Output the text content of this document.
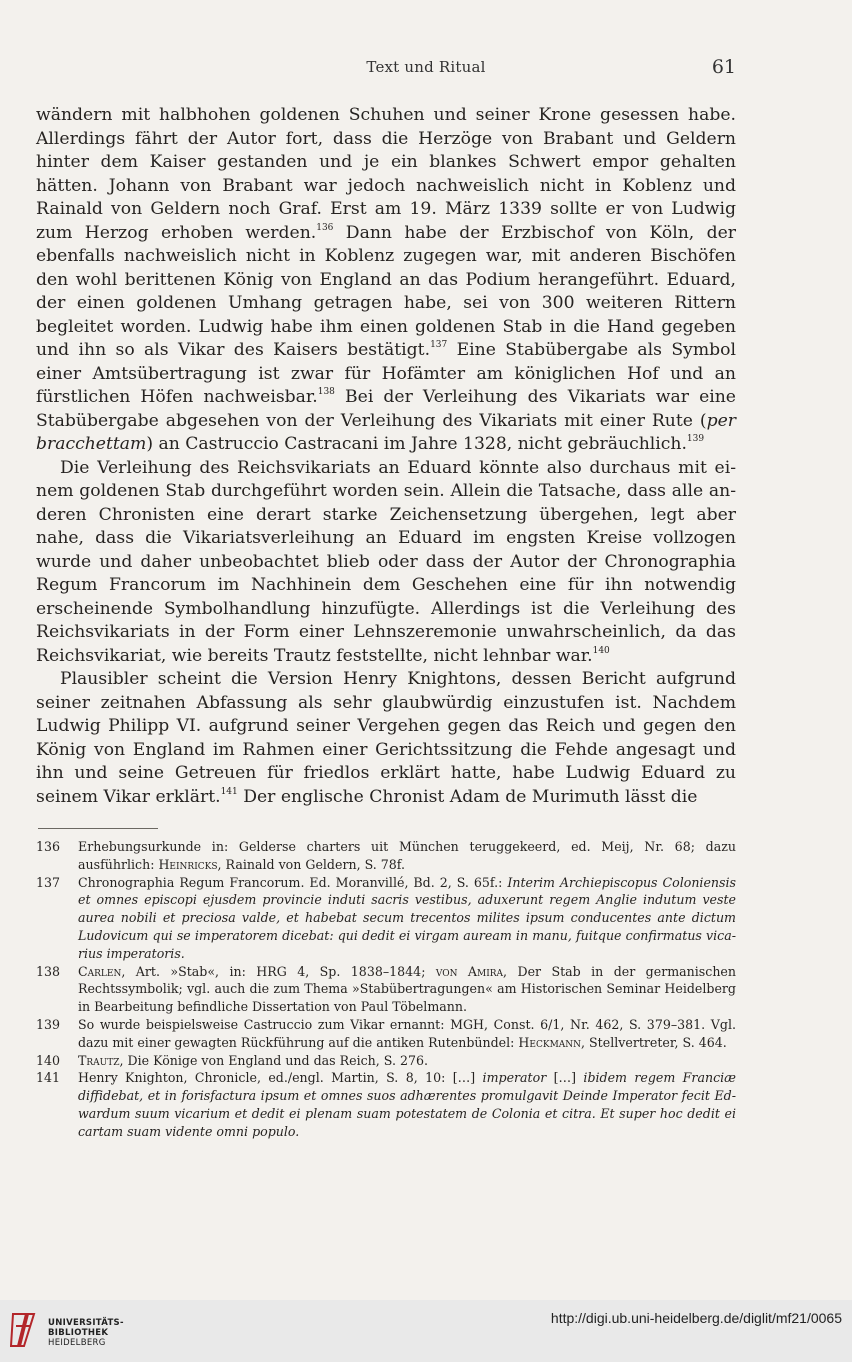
Text und Ritual	61

wändern mit halbhohen goldenen Schuhen und seiner Krone gesessen habe. Allerdings fährt der Autor fort, dass die Herzöge von Brabant und Geldern hinter dem Kaiser gestanden und je ein blankes Schwert empor gehalten hätten. Johann von Brabant war jedoch nachweislich nicht in Koblenz und Rainald von Geldern noch Graf. Erst am 19. März 1339 sollte er von Ludwig zum Herzog erhoben werden.$^{136}$ Dann habe der Erzbischof von Köln, der ebenfalls nachweislich nicht in Koblenz zugegen war, mit anderen Bischöfen den wohl berittenen König von England an das Podium herangeführt. Eduard, der einen goldenen Umhang getragen habe, sei von 300 weiteren Rittern begleitet worden. Ludwig habe ihm einen goldenen Stab in die Hand gegeben und ihn so als Vikar des Kaisers bestätigt.$^{137}$ Eine Stabübergabe als Symbol einer Amtsübertragung ist zwar für Hofämter am königlichen Hof und an fürstlichen Höfen nachweisbar.$^{138}$ Bei der Verleihung des Vikariats war eine Stabübergabe abgesehen von der Verleihung des Vikariats mit einer Rute (per bracchettam) an Castruccio Castracani im Jahre 1328, nicht gebräuchlich.$^{139}$

Die Verleihung des Reichsvikariats an Eduard könnte also durchaus mit einem goldenen Stab durchgeführt worden sein. Allein die Tatsache, dass alle anderen Chronisten eine derart starke Zeichensetzung übergehen, legt aber nahe, dass die Vikariatsverleihung an Eduard im engsten Kreise vollzogen wurde und daher unbeobachtet blieb oder dass der Autor der Chronographia Regum Francorum im Nachhinein dem Geschehen eine für ihn notwendig erscheinende Symbolhandlung hinzufügte. Allerdings ist die Verleihung des Reichsvikariats in der Form einer Lehnszeremonie unwahrscheinlich, da das Reichsvikariat, wie bereits Trautz feststellte, nicht lehnbar war.$^{140}$

Plausibler scheint die Version Henry Knightons, dessen Bericht aufgrund seiner zeitnahen Abfassung als sehr glaubwürdig einzustufen ist. Nachdem Ludwig Philipp VI. aufgrund seiner Vergehen gegen das Reich und gegen den König von England im Rahmen einer Gerichtssitzung die Fehde angesagt und ihn und seine Getreuen für friedlos erklärt hatte, habe Ludwig Eduard zu seinem Vikar erklärt.$^{141}$ Der englische Chronist Adam de Murimuth lässt die

136	Erhebungsurkunde in: Gelderse charters uit München teruggekeerd, ed. Meij, Nr. 68; dazu ausführlich: Heinricks, Rainald von Geldern, S. 78f.
137	Chronographia Regum Francorum. Ed. Moranvillé, Bd. 2, S. 65f.: Interim Archiepiscopus Coloniensis et omnes episcopi ejusdem provincie induti sacris vestibus, aduxerunt regem Anglie indutum veste aurea nobili et preciosa valde, et habebat secum trecentos milites ipsum conducentes ante dictum Ludovicum qui se imperatorem dicebat: qui dedit ei virgam auream in manu, fuitque confirmatus vicarius imperatoris.
138	Carlen, Art. »Stab«, in: HRG 4, Sp. 1838–1844; von Amira, Der Stab in der germanischen Rechtssymbolik; vgl. auch die zum Thema »Stabübertragungen« am Historischen Seminar Heidelberg in Bearbeitung befindliche Dissertation von Paul Töbelmann.
139	So wurde beispielsweise Castruccio zum Vikar ernannt: MGH, Const. 6/1, Nr. 462, S. 379–381. Vgl. dazu mit einer gewagten Rückführung auf die antiken Rutenbündel: Heckmann, Stellvertreter, S. 464.
140	Trautz, Die Könige von England und das Reich, S. 276.
141	Henry Knighton, Chronicle, ed./engl. Martin, S. 8, 10: […] imperator […] ibidem regem Franciæ diffidebat, et in forisfactura ipsum et omnes suos adhærentes promulgavit Deinde Imperator fecit Edwardum suum vicarium et dedit ei plenam suam potestatem de Colonia et citra. Et super hoc dedit ei cartam suam vidente omni populo.
UNIVERSITÄTS-
BIBLIOTHEK
HEIDELBERG
http://digi.ub.uni-heidelberg.de/diglit/mf21/0065
